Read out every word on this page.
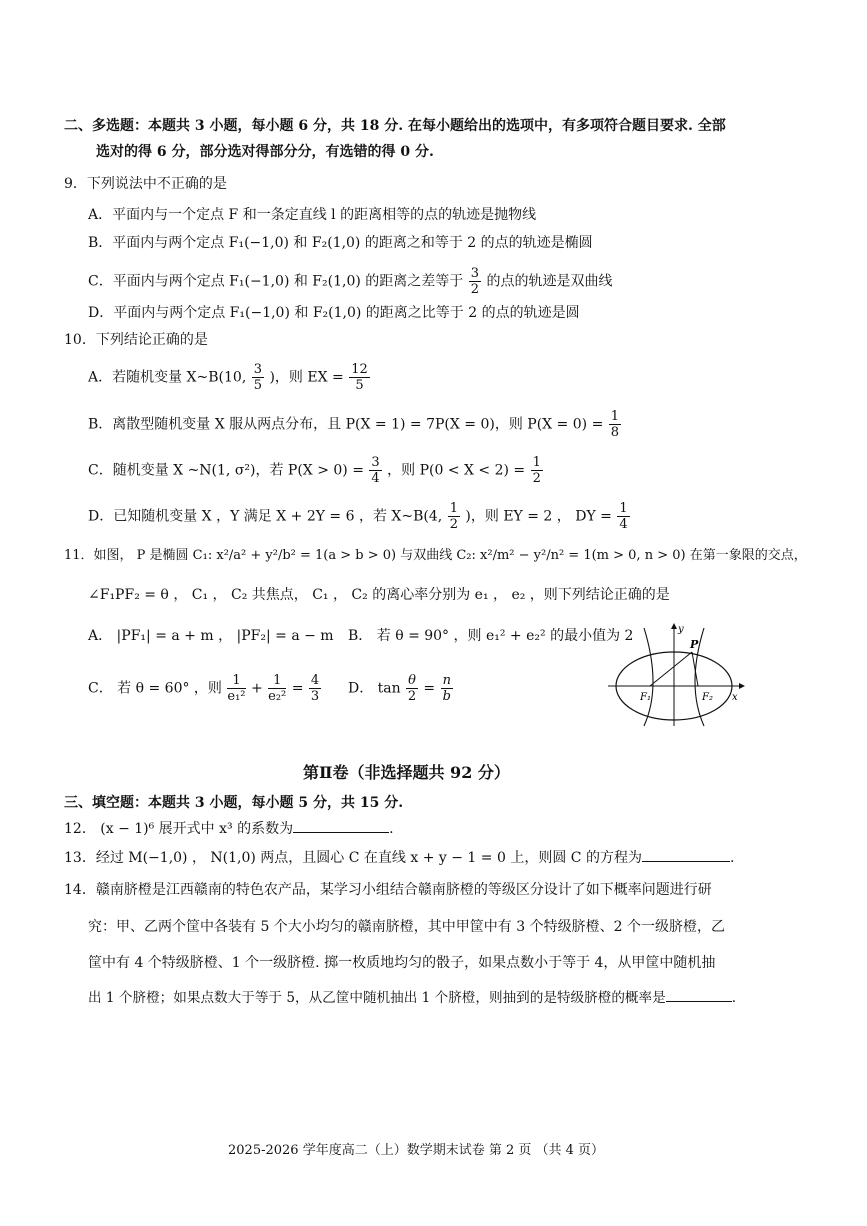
二、多选题：本题共 3 小题，每小题 6 分，共 18 分. 在每小题给出的选项中，有多项符合题目要求. 全部
选对的得 6 分，部分选对得部分分，有选错的得 0 分.
9．下列说法中不正确的是
A．平面内与一个定点 F 和一条定直线 l 的距离相等的点的轨迹是抛物线
B．平面内与两个定点 F₁(−1,0) 和 F₂(1,0) 的距离之和等于 2 的点的轨迹是椭圆
C．平面内与两个定点 F₁(−1,0) 和 F₂(1,0) 的距离之差等于 $\frac{3}{2}$ 的点的轨迹是双曲线
D．平面内与两个定点 F₁(−1,0) 和 F₂(1,0) 的距离之比等于 2 的点的轨迹是圆
10．下列结论正确的是
A．若随机变量 X~B(10, $\frac{3}{5}$ )，则 EX = $\frac{12}{5}$
B．离散型随机变量 X 服从两点分布，且 P(X = 1) = 7P(X = 0)，则 $P(X = 0) = \frac{1}{8}$
C．随机变量 X ~N(1, σ²)，若 $P(X > 0) = \frac{3}{4}$ ，则 $P(0 < X < 2) = \frac{1}{2}$
D．已知随机变量 X ，Y 满足 X + 2Y = 6 ，若 X~B(4, $\frac{1}{2}$ )，则 EY = 2 ， DY = $\frac{1}{4}$
11．如图， P 是椭圆 C₁: x²/a² + y²/b² = 1(a > b > 0) 与双曲线 C₂: x²/m² − y²/n² = 1(m > 0, n > 0) 在第一象限的交点，
∠F₁PF₂ = θ ， C₁ ， C₂ 共焦点， C₁ ， C₂ 的离心率分别为 e₁ ， e₂ ，则下列结论正确的是
A． |PF₁| = a + m ， |PF₂| = a − m B． 若 θ = 90° ，则 e₁² + e₂² 的最小值为 2
C． 若 θ = 60° ，则 $\frac{1}{\text{e₁²}} + \frac{1}{\text{e₂²}} = \frac{4}{3}$ D． $\tan \frac{\theta}{2} = \frac{n}{b}$
y
P
F₁	F₂ x
第Ⅱ卷（非选择题共 92 分）
三、填空题：本题共 3 小题，每小题 5 分，共 15 分.
12． (x − 1)⁶ 展开式中 x³ 的系数为	.
13．经过 M(−1,0) ， N(1,0) 两点，且圆心 C 在直线 x + y − 1 = 0 上，则圆 C 的方程为	.
14．赣南脐橙是江西赣南的特色农产品，某学习小组结合赣南脐橙的等级区分设计了如下概率问题进行研
究：甲、乙两个筐中各装有 5 个大小均匀的赣南脐橙，其中甲筐中有 3 个特级脐橙、2 个一级脐橙，乙
筐中有 4 个特级脐橙、1 个一级脐橙. 掷一枚质地均匀的骰子，如果点数小于等于 4，从甲筐中随机抽
出 1 个脐橙；如果点数大于等于 5，从乙筐中随机抽出 1 个脐橙，则抽到的是特级脐橙的概率是	.
2025-2026 学年度高二（上）数学期末试卷 第 2 页 （共 4 页）
